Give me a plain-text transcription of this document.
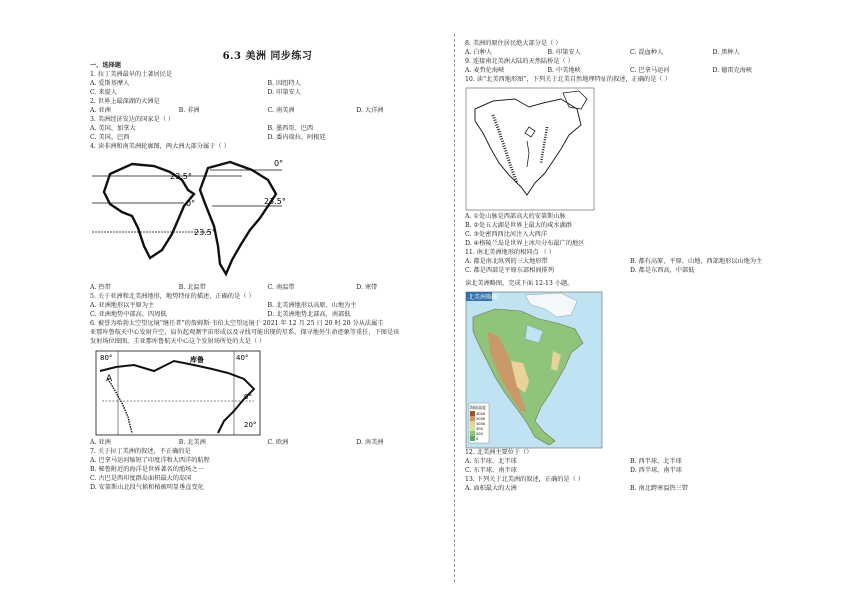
6.3 美洲 同步练习
一、选择题
1. 拉丁美洲最早的土著居民是
A. 爱斯基摩人	B. 因纽特人
C. 来提人	D. 印第安人
2. 世界上最深湖的大洲是
A. 亚洲	B. 非洲	C. 南美洲	D. 大洋洲
3. 美洲经济发达的国家是（ ）
A. 美国、加拿大	B. 墨西哥、巴西
C. 美国、巴西	D. 委内瑞拉、阿根廷
4. 读非洲和南美洲轮廓图，两大洲大部分属于（ ）
23.5°
0°
23.5°
0°
23.5°
A. 热带	B. 北温带	C. 南温带	D. 寒带
5. 关于亚洲和北美洲地形，地势特征的描述，正确的是（ ）
A. 亚洲地形以平原为主	B. 北美洲地形以高原、山地为主
C. 亚洲地势中部高、四周低	D. 北美洲地势北部高，南部低
6. 被誉为哈勃太空望远镜“继任者”的詹姆斯·韦伯太空望远镜于 2021 年 12 月 25 日 20 时 20 分从法属圭
亚那库鲁航天中心发射升空，肩负起观测宇宙形成以及寻找可能出现的星系、探寻地外生命迹象等重任，下图是该
发射场位图图。圭亚那库鲁航天中心这个发射场所处的大是（ ）
80°	40°
0°
20°
库鲁
A
A. 亚洲	B. 北美洲	C. 欧洲	D. 南美洲
7. 关于拉丁美洲的叙述，不正确的是
A. 巴拿马运河缩短了印度洋和大西洋的航程
B. 秘鲁附近的海洋是世界著名的渔场之一
C. 古巴是西印度群岛面积最大的岛国
D. 安第斯山北段气候和植被明显垂直变化
8. 美洲的原住居民绝大部分是（ ）
A. 白种人	B. 印第安人	C. 混血种人	D. 黑种人
9. 连接南北美洲大陆的天然陆桥是（ ）
A. 麦哲伦海峡	B. 中美地峡	C. 巴拿马运河	D. 德雷克海峡
10. 读“北美西地形图”，下列关于北美自然地理特征的叙述，正确的是（ ）
A. ①处山脉是西部高大的安第斯山脉
B. ②处五大湖是世界上最大的咸水湖群
C. ③处密西西比河注入大西洋
D. ④格陵兰岛是世界上冰川分布最广的地区
11. 南北美洲地形的相同点 （ ）
A. 都是南北纵列的三大地形带	B. 都有高原、平原、山地，西部地形以山地为主
C. 都是西部是平原东部相间排列	D. 都是东西高，中部低
读北美洲略图，完成下面 12-13 小题。
北美洲略图
海拔高度
3000
2000
1000
500
200
0
12. 北美洲主要位于（）
A. 东半球、北半球	B. 西半球、北半球
C. 东半球、南半球	D. 西半球、南半球
13. 下列关于北美洲的叙述，正确的是（ ）
A. 面积最大的大洲	B. 南北跨寒温热三带
